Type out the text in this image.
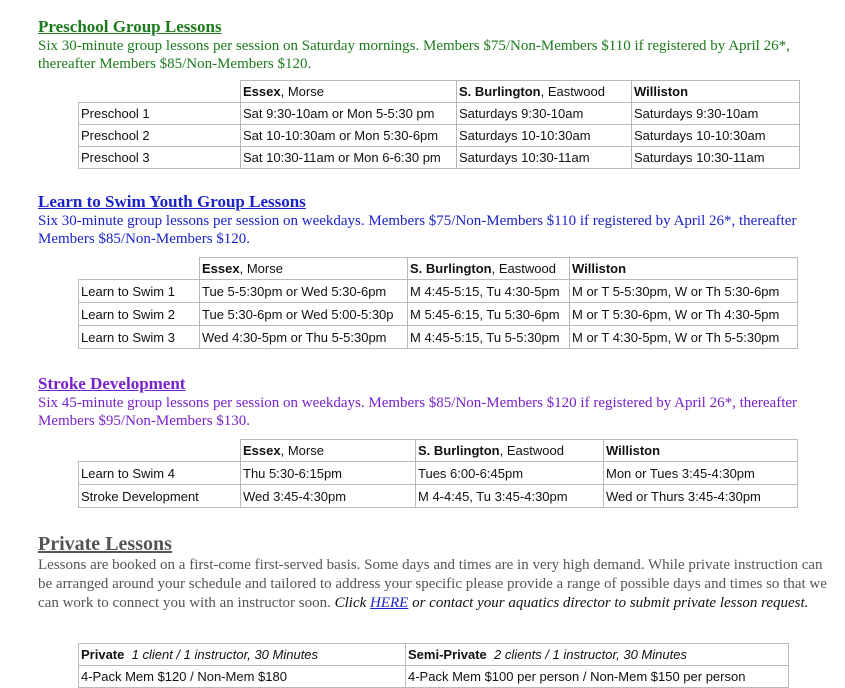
Preschool Group Lessons
Six 30-minute group lessons per session on Saturday mornings. Members $75/Non-Members $110 if registered by April 26*, thereafter Members $85/Non-Members $120.
	Essex, Morse	S. Burlington, Eastwood	Williston
Preschool 1	Sat 9:30-10am or Mon 5-5:30 pm	Saturdays 9:30-10am	Saturdays 9:30-10am
Preschool 2	Sat 10-10:30am or Mon 5:30-6pm	Saturdays 10-10:30am	Saturdays 10-10:30am
Preschool 3	Sat 10:30-11am or Mon 6-6:30 pm	Saturdays 10:30-11am	Saturdays 10:30-11am
Learn to Swim Youth Group Lessons
Six 30-minute group lessons per session on weekdays. Members $75/Non-Members $110 if registered by April 26*, thereafter Members $85/Non-Members $120.
	Essex, Morse	S. Burlington, Eastwood	Williston
Learn to Swim 1	Tue 5-5:30pm or Wed 5:30-6pm	M 4:45-5:15, Tu 4:30-5pm	M or T 5-5:30pm, W or Th 5:30-6pm
Learn to Swim 2	Tue 5:30-6pm or Wed 5:00-5:30p	M 5:45-6:15, Tu 5:30-6pm	M or T 5:30-6pm, W or Th 4:30-5pm
Learn to Swim 3	Wed 4:30-5pm or Thu 5-5:30pm	M 4:45-5:15, Tu 5-5:30pm	M or T 4:30-5pm, W or Th 5-5:30pm
Stroke Development
Six 45-minute group lessons per session on weekdays. Members $85/Non-Members $120 if registered by April 26*, thereafter Members $95/Non-Members $130.
	Essex, Morse	S. Burlington, Eastwood	Williston
Learn to Swim 4	Thu 5:30-6:15pm	Tues 6:00-6:45pm	Mon or Tues 3:45-4:30pm
Stroke Development	Wed 3:45-4:30pm	M 4-4:45, Tu 3:45-4:30pm	Wed or Thurs 3:45-4:30pm
Private Lessons
Lessons are booked on a first-come first-served basis. Some days and times are in very high demand. While private instruction can be arranged around your schedule and tailored to address your specific please provide a range of possible days and times so that we can work to connect you with an instructor soon. Click HERE or contact your aquatics director to submit private lesson request.
Private 1 client / 1 instructor, 30 Minutes	Semi-Private 2 clients / 1 instructor, 30 Minutes
4-Pack Mem $120 / Non-Mem $180	4-Pack Mem $100 per person / Non-Mem $150 per person
